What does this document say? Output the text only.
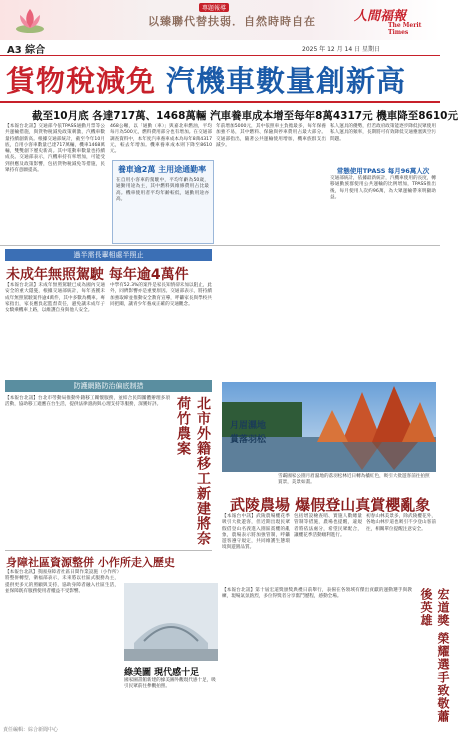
專題報導
以臻聯代替扶弱．自然時時自在	人間福報
The Merit Times
A3 綜合	2025 年 12 月 14 日 星期日
貨物稅減免 汽機車數量創新高
截至10月底 各達717萬、1468萬輛 汽車養車成本增至每年8萬4317元 機車降至8610元
【本報台北訊】交通部今依TPASS通勤月票等公共運輸措施，與貨物稅減免政策刺激，汽機車數量持續創新高。根據交通部統計，截至今年10月底，自用小客車數量已達717萬輛，機車1468萬輛，雙雙創下歷史新高。其中電動車數量也持續成長。交通部表示，汽機車持有率增加，可能受到供應及政策影響，包括貨物稅減免等措施，民眾持有意願提高。
468公噸，以「通勤（車）」與嘉北車燃油，平均每月為500元，燃料費用部分也有增加。在交通部調查資料中，本年度汽車養車成本為每年8萬4317元，較去年增加。機車養車成本則下降至8610元。
養車逾2萬 主用途通勤率
在自用小客車的駕駛中，平均年齡為50歲，通勤用途為主，其中燃料與維修費用占比最高。機車使用者平均年齡較低，通勤用途亦高。
年前增加5000元，其中依照車主負擔最多，每年保養加強不易，其中燃料、保險與停車費用占最大部分。交通部指出，隨著公共運輸使用增加，機車族群支出減少。
私人運具的優勢，但若政府政策能逐步降低民眾使用私人運具的頻率，長期將可有效降低交通壅塞與空污問題。
常態使用TPASS 每月96萬人次
交通部統計，依據最新統計，汽機車使用的長度，轉移通勤族群使用公共運輸的比例增加，TPASS推出後，每月使用人次約96萬，為大眾運輸帶來明顯助益。
過半需長輩相處半照止
未成年無照駕駛 每年逾4萬件
【本報台北訊】未成年無照駕駛已成為國內交通安全的重大隱憂，根據交通部統計，每年查獲未成年無照駕駛案件逾4萬件，其中多數為機車。專家指出，家長應負起監督責任，避免讓未成年子女騎乘機車上路，以維護自身與他人安全。
中學有52.3%的案件是家長知情卻未加以阻止，此外，同儕影響亦是重要原因。交通部表示，將持續加強取締並推動安全教育宣導，呼籲家長與學校共同把關，讓青少年養成正確的交通觀念。
防護網路防治偏底制措
【本報台北訊】台北市勞動局推動外籍移工關懷服務，並結合民間團體辦理多項活動，協助移工適應在台生活，提供法律諮詢與心理支持等服務，深獲好評。	北市外籍移工新建將奈荷竹農案
身障社區資源整併 小作所走入歷史
【本報台北訊】我國身障者社區日間作業設施（小作所）將整併轉型，衛福部表示，未來將以社區式服務為主，提供更多元的照顧與支持，協助身障者融入社區生活，並保障既有服務使用者權益不受影響。
月眉濕地
賞落羽松
雪霸國家公園月眉濕地的落羽松林近日轉為橘紅色，吸引大批遊客前往拍照賞景，美景如畫。
武陵農場 爆假登山真賞櫻亂象
【本報台中訊】武陵農場櫻花季吸引大批遊客，但近期出現民眾假借登山名義進入園區賞櫻的亂象，農場表示將加強管制，呼籲遊客遵守規定，共同維護生態環境與遊園品質。
包括增設檢查哨、實施人數總量管制等措施，農場也提醒，違規者將依法處分，希望民眾配合，讓櫻花季活動順利進行。
初春山林美景多，除武陵櫻花外，各地山林步道也吸引不少登山客前往，相關單位提醒注意安全。
綠美圖 現代感十足
國家圖書館新建的綠美圖外觀現代感十足，吸引民眾前往參觀拍照。
【本報台北訊】第十屆宏道獎頒獎典禮日前舉行，表揚在各領域有傑出貢獻的運動選手與教練，現場氣氛熱烈，多位得獎者分享奮鬥歷程，感動全場。	宏道獎 榮耀選手致敬蕭後英雄
責任編輯：綜合新聞中心
